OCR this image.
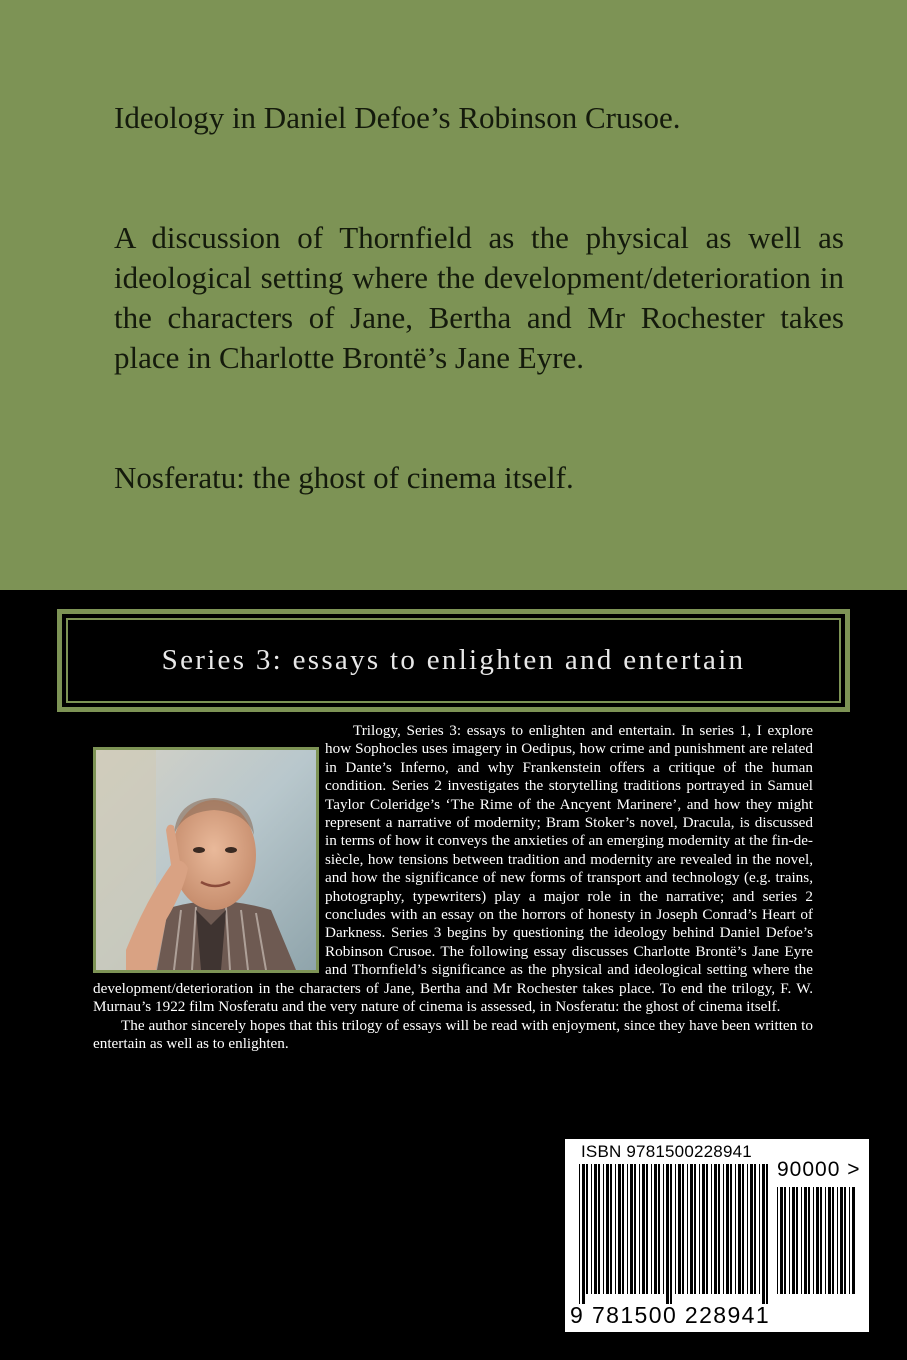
Ideology in Daniel Defoe’s Robinson Crusoe.

A discussion of Thornfield as the physical as well as ideological setting where the development/deterioration in the characters of Jane, Bertha and Mr Rochester takes place in Charlotte Brontë’s Jane Eyre.

Nosferatu: the ghost of cinema itself.

Series 3: essays to enlighten and entertain

Trilogy, Series 3: essays to enlighten and entertain. In series 1, I explore how Sophocles uses imagery in Oedipus, how crime and punishment are related in Dante’s Inferno, and why Frankenstein offers a critique of the human condition. Series 2 investigates the storytelling traditions portrayed in Samuel Taylor Coleridge’s ‘The Rime of the Ancyent Marinere’, and how they might represent a narrative of modernity; Bram Stoker’s novel, Dracula, is discussed in terms of how it conveys the anxieties of an emerging modernity at the fin-de-siècle, how tensions between tradition and modernity are revealed in the novel, and how the significance of new forms of transport and technology (e.g. trains, photography, typewriters) play a major role in the narrative; and series 2 concludes with an essay on the horrors of honesty in Joseph Conrad’s Heart of Darkness. Series 3 begins by questioning the ideology behind Daniel Defoe’s Robinson Crusoe. The following essay discusses Charlotte Brontë’s Jane Eyre and Thornfield’s significance as the physical and ideological setting where the development/deterioration in the characters of Jane, Bertha and Mr Rochester takes place. To end the trilogy, F. W. Murnau’s 1922 film Nosferatu and the very nature of cinema is assessed, in Nosferatu: the ghost of cinema itself.

The author sincerely hopes that this trilogy of essays will be read with enjoyment, since they have been written to entertain as well as to enlighten.

ISBN 9781500228941
90000 >
9 781500 228941
